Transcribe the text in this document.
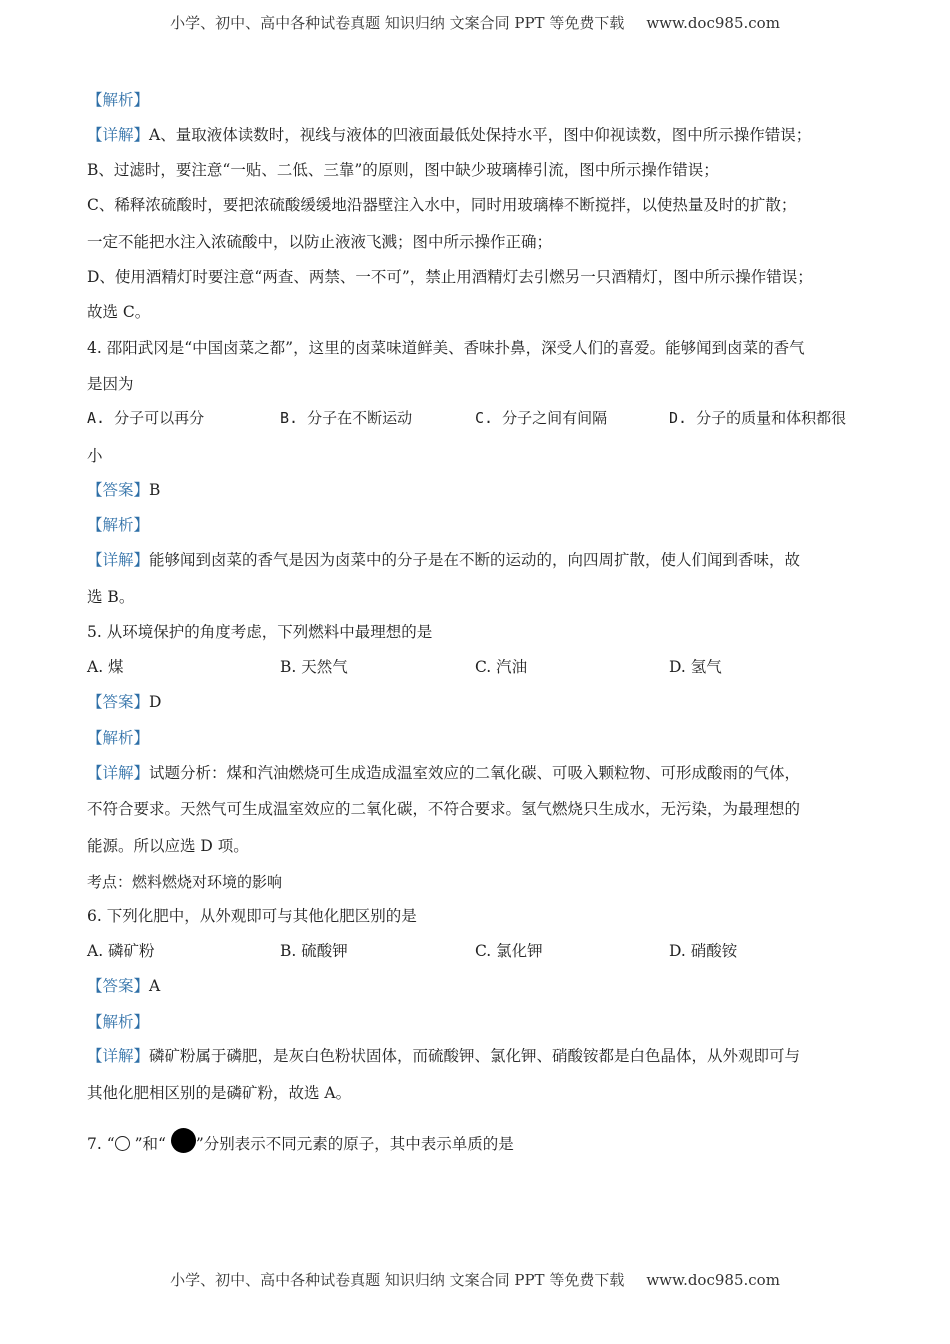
小学、初中、高中各种试卷真题 知识归纳 文案合同 PPT 等免费下载 www.doc985.com
【解析】
【详解】A、量取液体读数时，视线与液体的凹液面最低处保持水平，图中仰视读数，图中所示操作错误；
B、过滤时，要注意“一贴、二低、三靠”的原则，图中缺少玻璃棒引流，图中所示操作错误；
C、稀释浓硫酸时，要把浓硫酸缓缓地沿器壁注入水中，同时用玻璃棒不断搅拌，以使热量及时的扩散；
一定不能把水注入浓硫酸中，以防止液液飞溅；图中所示操作正确；
D、使用酒精灯时要注意“两查、两禁、一不可”，禁止用酒精灯去引燃另一只酒精灯，图中所示操作错误；
故选 C。
4. 邵阳武冈是“中国卤菜之都”，这里的卤菜味道鲜美、香味扑鼻，深受人们的喜爱。能够闻到卤菜的香气
是因为
A. 分子可以再分	B. 分子在不断运动	C. 分子之间有间隔	D. 分子的质量和体积都很
小
【答案】B
【解析】
【详解】能够闻到卤菜的香气是因为卤菜中的分子是在不断的运动的，向四周扩散，使人们闻到香味，故
选 B。
5. 从环境保护的角度考虑，下列燃料中最理想的是
A. 煤	B. 天然气	C. 汽油	D. 氢气
【答案】D
【解析】
【详解】试题分析：煤和汽油燃烧可生成造成温室效应的二氧化碳、可吸入颗粒物、可形成酸雨的气体，
不符合要求。天然气可生成温室效应的二氧化碳，不符合要求。氢气燃烧只生成水，无污染，为最理想的
能源。所以应选 D 项。
考点：燃料燃烧对环境的影响
6. 下列化肥中，从外观即可与其他化肥区别的是
A. 磷矿粉	B. 硫酸钾	C. 氯化钾	D. 硝酸铵
【答案】A
【解析】
【详解】磷矿粉属于磷肥，是灰白色粉状固体，而硫酸钾、氯化钾、硝酸铵都是白色晶体，从外观即可与
其他化肥相区别的是磷矿粉，故选 A。
7. “ ”和“ ”分别表示不同元素的原子，其中表示单质的是
小学、初中、高中各种试卷真题 知识归纳 文案合同 PPT 等免费下载 www.doc985.com
